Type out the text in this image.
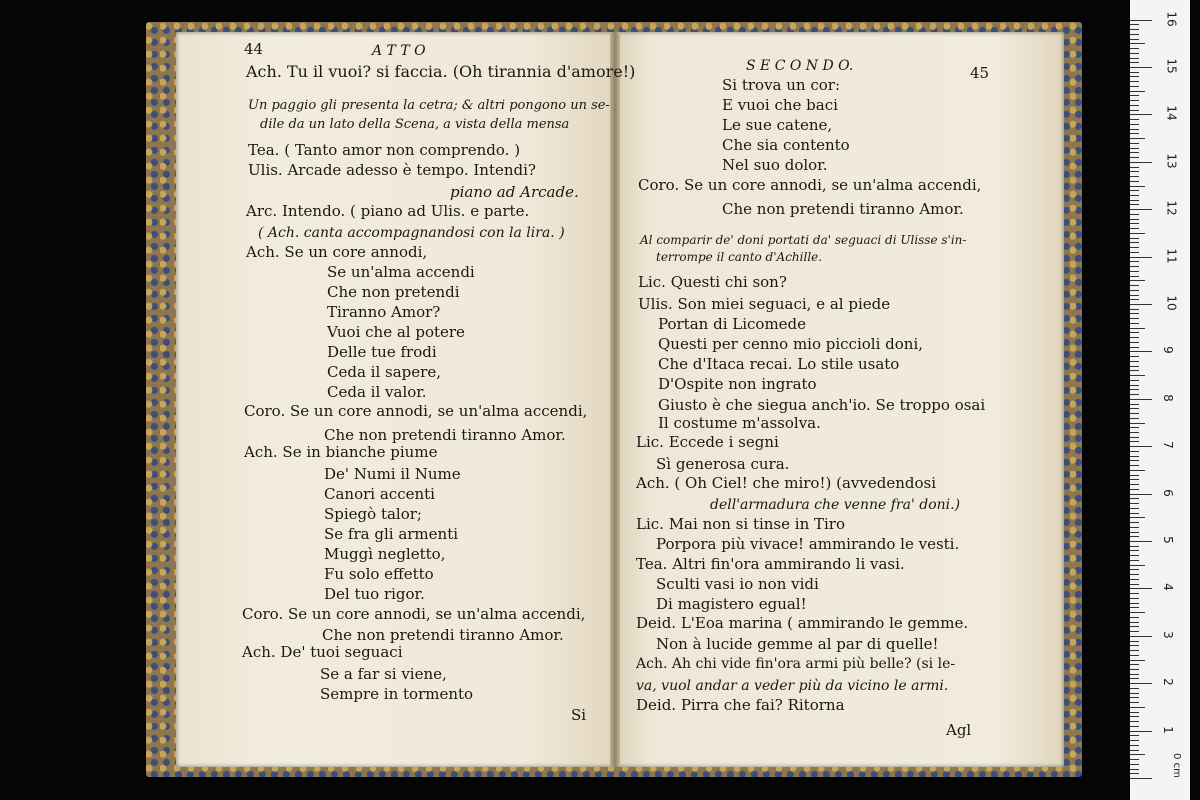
44	A T T O
Ach. Tu il vuoi? si faccia. (Oh tirannia d'amore!)
Un paggio gli presenta la cetra; & altri pongono un se-
dile da un lato della Scena, a vista della mensa
Tea. ( Tanto amor non comprendo. )
Ulis. Arcade adesso è tempo. Intendi?
piano ad Arcade.
Arc. Intendo. ( piano ad Ulis. e parte.
( Ach. canta accompagnandosi con la lira. )
Ach. Se un core annodi,
Se un'alma accendi
Che non pretendi
Tiranno Amor?
Vuoi che al potere
Delle tue frodi
Ceda il sapere,
Ceda il valor.
Coro. Se un core annodi, se un'alma accendi,
Che non pretendi tiranno Amor.
Ach. Se in bianche piume
De' Numi il Nume
Canori accenti
Spiegò talor;
Se fra gli armenti
Muggì negletto,
Fu solo effetto
Del tuo rigor.
Coro. Se un core annodi, se un'alma accendi,
Che non pretendi tiranno Amor.
Ach. De' tuoi seguaci
Se a far si viene,
Sempre in tormento
Si
S E C O N D O.	45
Si trova un cor:
E vuoi che baci
Le sue catene,
Che sia contento
Nel suo dolor.
Coro. Se un core annodi, se un'alma accendi,
Che non pretendi tiranno Amor.
Al comparir de' doni portati da' seguaci di Ulisse s'in-
terrompe il canto d'Achille.
Lic. Questi chi son?
Ulis. Son miei seguaci, e al piede
Portan di Licomede
Questi per cenno mio piccioli doni,
Che d'Itaca recai. Lo stile usato
D'Ospite non ingrato
Giusto è che siegua anch'io. Se troppo osai
Il costume m'assolva.
Lic. Eccede i segni
Sì generosa cura.
Ach. ( Oh Ciel! che miro!) (avvedendosi
dell'armadura che venne fra' doni.)
Lic. Mai non si tinse in Tiro
Porpora più vivace! ammirando le vesti.
Tea. Altri fin'ora ammirando li vasi.
Sculti vasi io non vidi
Di magistero egual!
Deid. L'Eoa marina ( ammirando le gemme.
Non à lucide gemme al par di quelle!
Ach. Ah chi vide fin'ora armi più belle? (si le-
va, vuol andar a veder più da vicino le armi.
Deid. Pirra che fai? Ritorna
Agl
0 cm
1
2
3
4
5
6
7
8
9
10
11
12
13
14
15
16
